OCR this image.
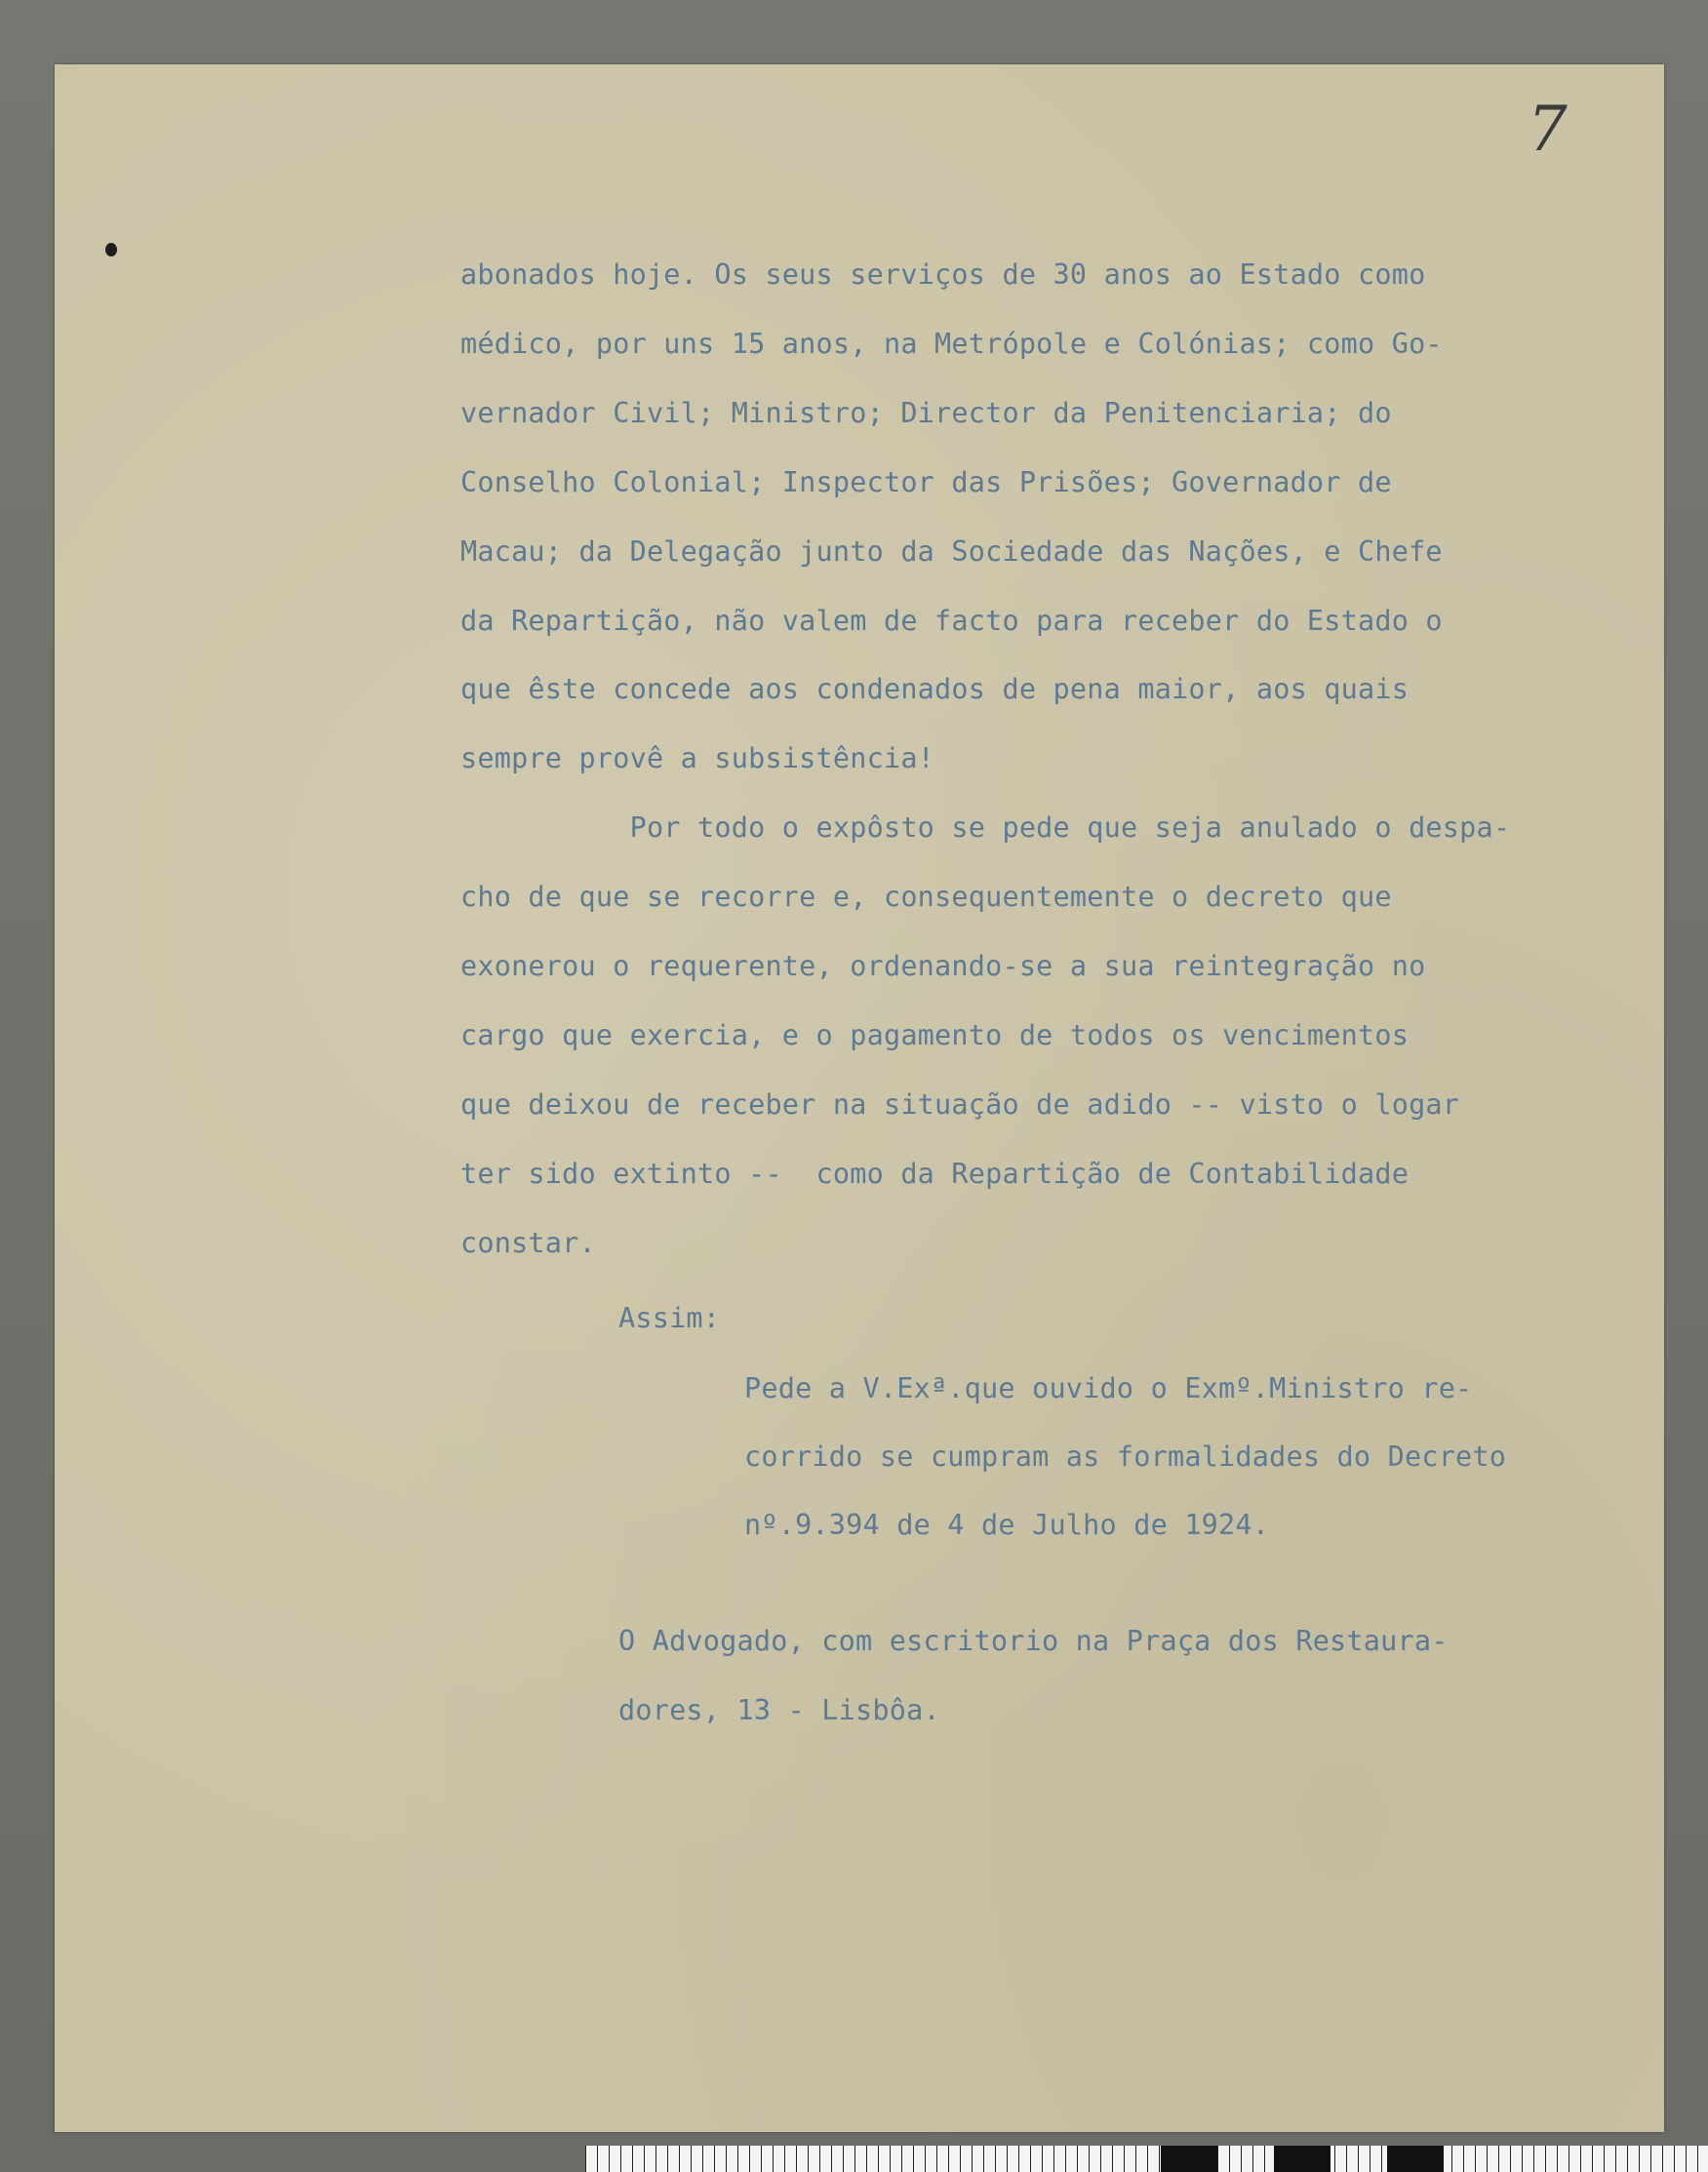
7
abonados hoje. Os seus serviços de 30 anos ao Estado como
médico, por uns 15 anos, na Metrópole e Colónias; como Go-
vernador Civil; Ministro; Director da Penitenciaria; do
Conselho Colonial; Inspector das Prisões; Governador de
Macau; da Delegação junto da Sociedade das Nações, e Chefe
da Repartição, não valem de facto para receber do Estado o
que êste concede aos condenados de pena maior, aos quais
sempre provê a subsistência!
Por todo o expôsto se pede que seja anulado o despa-
cho de que se recorre e, consequentemente o decreto que
exonerou o requerente, ordenando-se a sua reintegração no
cargo que exercia, e o pagamento de todos os vencimentos
que deixou de receber na situação de adido -- visto o logar
ter sido extinto --  como da Repartição de Contabilidade
constar.
Assim:
Pede a V.Exª.que ouvido o Exmº.Ministro re-
corrido se cumpram as formalidades do Decreto
nº.9.394 de 4 de Julho de 1924.
O Advogado, com escritorio na Praça dos Restaura-
dores, 13 - Lisbôa.
